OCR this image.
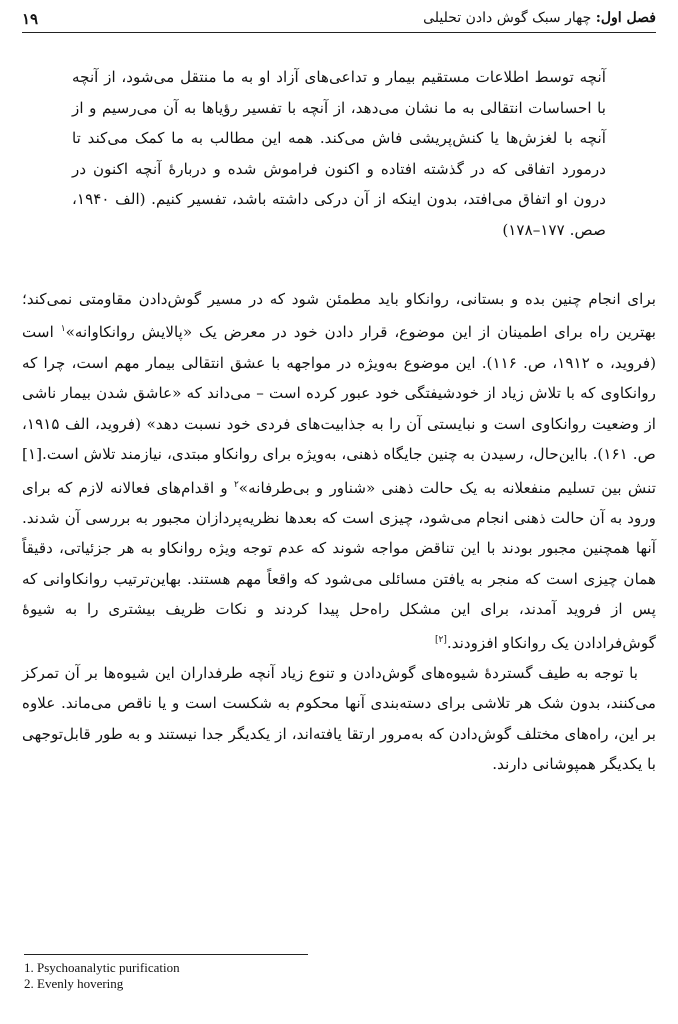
۱۹	فصل اول: چهار سبک گوش دادن تحلیلی
آنچه توسط اطلاعات مستقیم بیمار و تداعی‌های آزاد او به ما منتقل می‌شود، از آنچه با احساسات انتقالی به ما نشان می‌دهد، از آنچه با تفسیر رؤیاها به آن می‌رسیم و از آنچه با لغزش‌ها یا کنش‌پریشی فاش می‌کند. همه این مطالب به ما کمک می‌کند تا درمورد اتفاقی که در گذشته افتاده و اکنون فراموش شده و دربارهٔ آنچه اکنون در درون او اتفاق می‌افتد، بدون اینکه از آن درکی داشته باشد، تفسیر کنیم. (الف ۱۹۴۰، صص. ۱۷۷–۱۷۸)

برای انجام چنین بده و بستانی، روانکاو باید مطمئن شود که در مسیر گوش‌دادن مقاومتی نمی‌کند؛ بهترین راه برای اطمینان از این موضوع، قرار دادن خود در معرض یک «پالایش روانکاوانه»$^۱$ است (فروید، ه ۱۹۱۲، ص. ۱۱۶). این موضوع به‌ویژه در مواجهه با عشق انتقالی بیمار مهم است، چرا که روانکاوی که با تلاش زیاد از خودشیفتگی خود عبور کرده است – می‌داند که «عاشق شدن بیمار ناشی از وضعیت روانکاوی است و نبایستی آن را به جذابیت‌های فردی خود نسبت دهد» (فروید، الف ۱۹۱۵، ص. ۱۶۱). بااین‌حال، رسیدن به چنین جایگاه ذهنی، به‌ویژه برای روانکاو مبتدی، نیازمند تلاش است.[۱] تنش بین تسلیم منفعلانه به یک حالت ذهنی «شناور و بی‌طرفانه»$^۲$ و اقدام‌های فعالانه لازم که برای ورود به آن حالت ذهنی انجام می‌شود، چیزی است که بعدها نظریه‌پردازان مجبور به بررسی آن شدند. آنها همچنین مجبور بودند با این تناقض مواجه شوند که عدم توجه ویژه روانکاو به هر جزئیاتی، دقیقاً همان چیزی است که منجر به یافتن مسائلی می‌شود که واقعاً مهم هستند. بهاین‌ترتیب روانکاوانی که پس از فروید آمدند، برای این مشکل راه‌حل پیدا کردند و نکات ظریف بیشتری را به شیوهٔ گوش‌فرادادن یک روانکاو افزودند.[۲]

با توجه به طیف گستردهٔ شیوه‌های گوش‌دادن و تنوع زیاد آنچه طرفداران این شیوه‌ها بر آن تمرکز می‌کنند، بدون شک هر تلاشی برای دسته‌بندی آنها محکوم به شکست است و یا ناقص می‌ماند. علاوه بر این، راه‌های مختلف گوش‌دادن که به‌مرور ارتقا یافته‌اند، از یکدیگر جدا نیستند و به طور قابل‌توجهی با یکدیگر همپوشانی دارند.

1. Psychoanalytic purification
2. Evenly hovering
